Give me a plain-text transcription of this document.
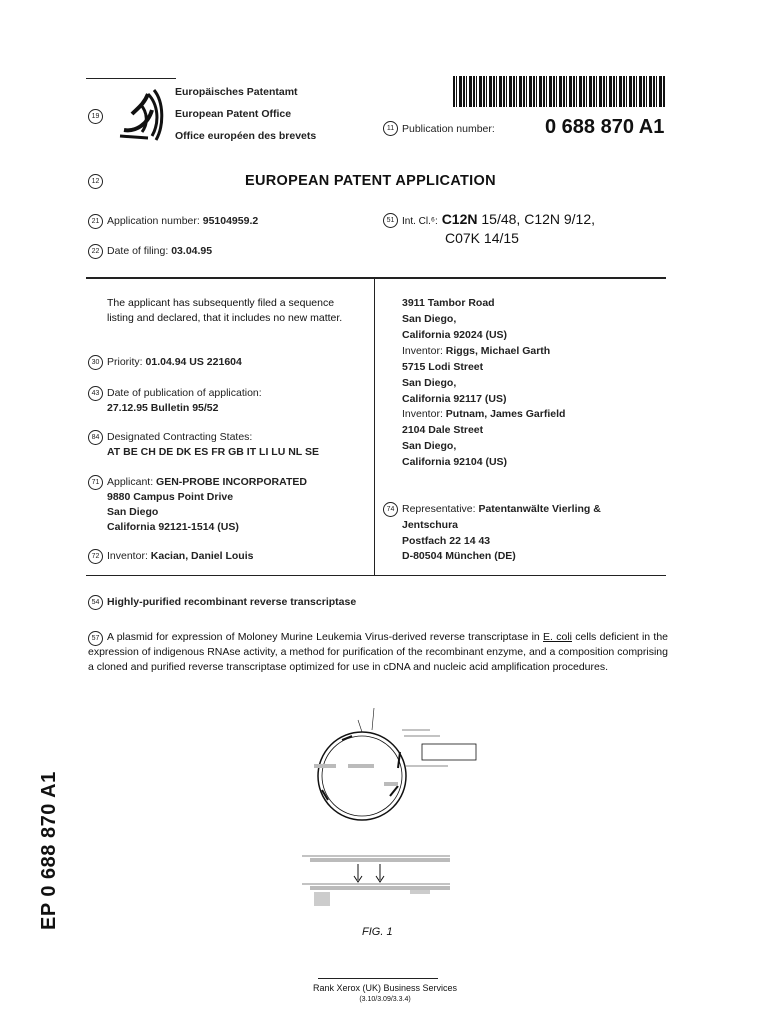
19
Europäisches Patentamt
European Patent Office
Office européen des brevets
11 Publication number:	0 688 870 A1
12	EUROPEAN PATENT APPLICATION
21 Application number: 95104959.2
22 Date of filing: 03.04.95
51 Int. Cl.⁶: C12N 15/48, C12N 9/12,
C07K 14/15
The applicant has subsequently filed a sequence listing and declared, that it includes no new matter.
30 Priority: 01.04.94 US 221604
43 Date of publication of application:
27.12.95 Bulletin 95/52
84 Designated Contracting States:
AT BE CH DE DK ES FR GB IT LI LU NL SE
71 Applicant: GEN-PROBE INCORPORATED
9880 Campus Point Drive
San Diego
California 92121-1514 (US)
72 Inventor: Kacian, Daniel Louis
3911 Tambor Road
San Diego,
California 92024 (US)
Inventor: Riggs, Michael Garth
5715 Lodi Street
San Diego,
California 92117 (US)
Inventor: Putnam, James Garfield
2104 Dale Street
San Diego,
California 92104 (US)
74 Representative: Patentanwälte Vierling &
Jentschura
Postfach 22 14 43
D-80504 München (DE)
54 Highly-purified recombinant reverse transcriptase
57 A plasmid for expression of Moloney Murine Leukemia Virus-derived reverse transcriptase in E. coli cells deficient in the expression of indigenous RNAse activity, a method for purification of the recombinant enzyme, and a composition comprising a cloned and purified reverse transcriptase optimized for use in cDNA and nucleic acid amplification procedures.
FIG. 1
Rank Xerox (UK) Business Services
(3.10/3.09/3.3.4)
EP 0 688 870 A1
